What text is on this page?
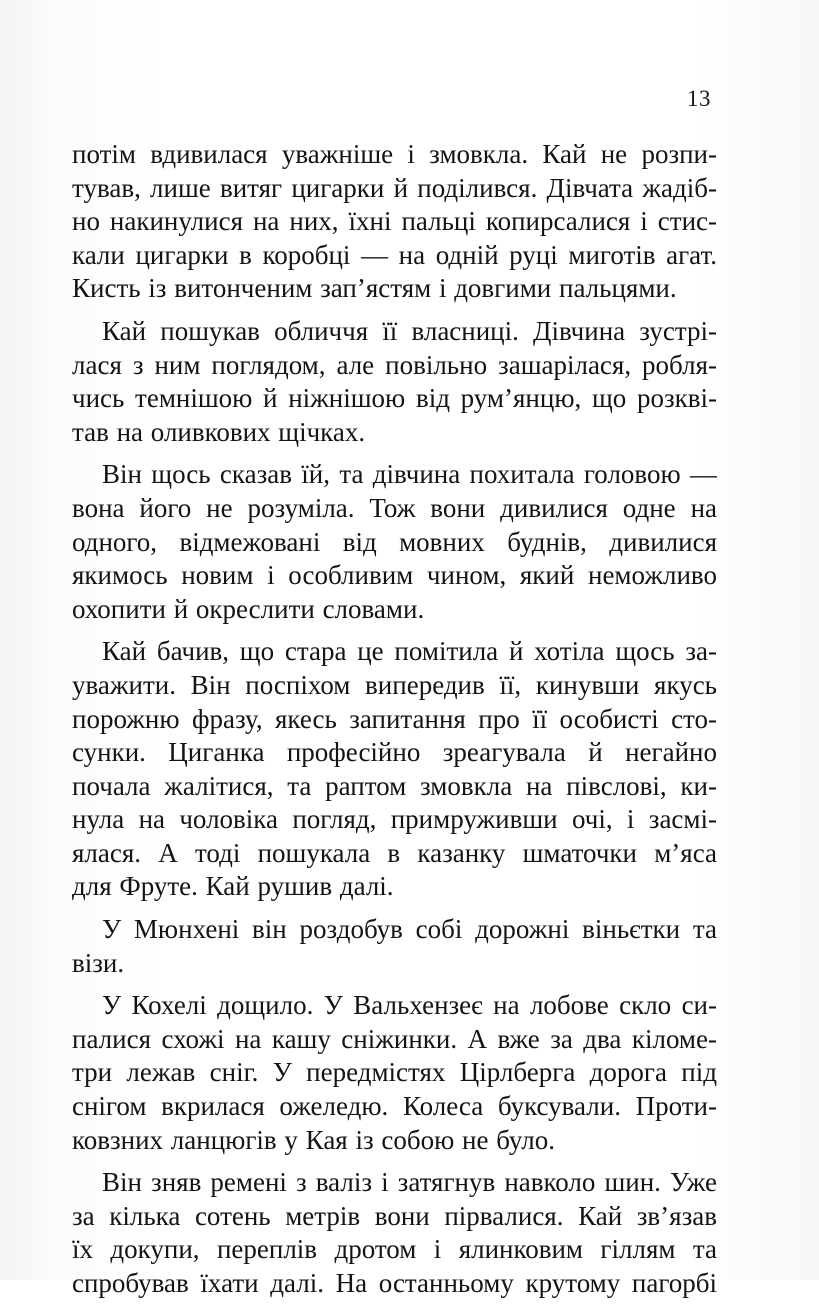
13
потім вдивилася уважніше і змовкла. Кай не розпи-
тував, лише витяг цигарки й поділився. Дівчата жадіб-
но накинулися на них, їхні пальці копирсалися і стис-
кали цигарки в коробці — на одній руці миготів агат.
Кисть із витонченим зап’ястям і довгими пальцями.
Кай пошукав обличчя її власниці. Дівчина зустрі-
лася з ним поглядом, але повільно зашарілася, робля-
чись темнішою й ніжнішою від рум’янцю, що розкві-
тав на оливкових щічках.
Він щось сказав їй, та дівчина похитала головою —
вона його не розуміла. Тож вони дивилися одне на
одного, відмежовані від мовних буднів, дивилися
якимось новим і особливим чином, який неможливо
охопити й окреслити словами.
Кай бачив, що стара це помітила й хотіла щось за-
уважити. Він поспіхом випередив її, кинувши якусь
порожню фразу, якесь запитання про її особисті сто-
сунки. Циганка професійно зреагувала й негайно
почала жалітися, та раптом змовкла на півслові, ки-
нула на чоловіка погляд, примруживши очі, і засмі-
ялася. А тоді пошукала в казанку шматочки м’яса
для Фруте. Кай рушив далі.
У Мюнхені він роздобув собі дорожні віньєтки та
візи.
У Кохелі дощило. У Вальхензеє на лобове скло си-
палися схожі на кашу сніжинки. А вже за два кіломе-
три лежав сніг. У передмістях Цірлберга дорога під
снігом вкрилася ожеледю. Колеса буксували. Проти-
ковзних ланцюгів у Кая із собою не було.
Він зняв ремені з валіз і затягнув навколо шин. Уже
за кілька сотень метрів вони пірвалися. Кай зв’язав
їх докупи, переплів дротом і ялинковим гіллям та
спробував їхати далі. На останньому крутому пагорбі
